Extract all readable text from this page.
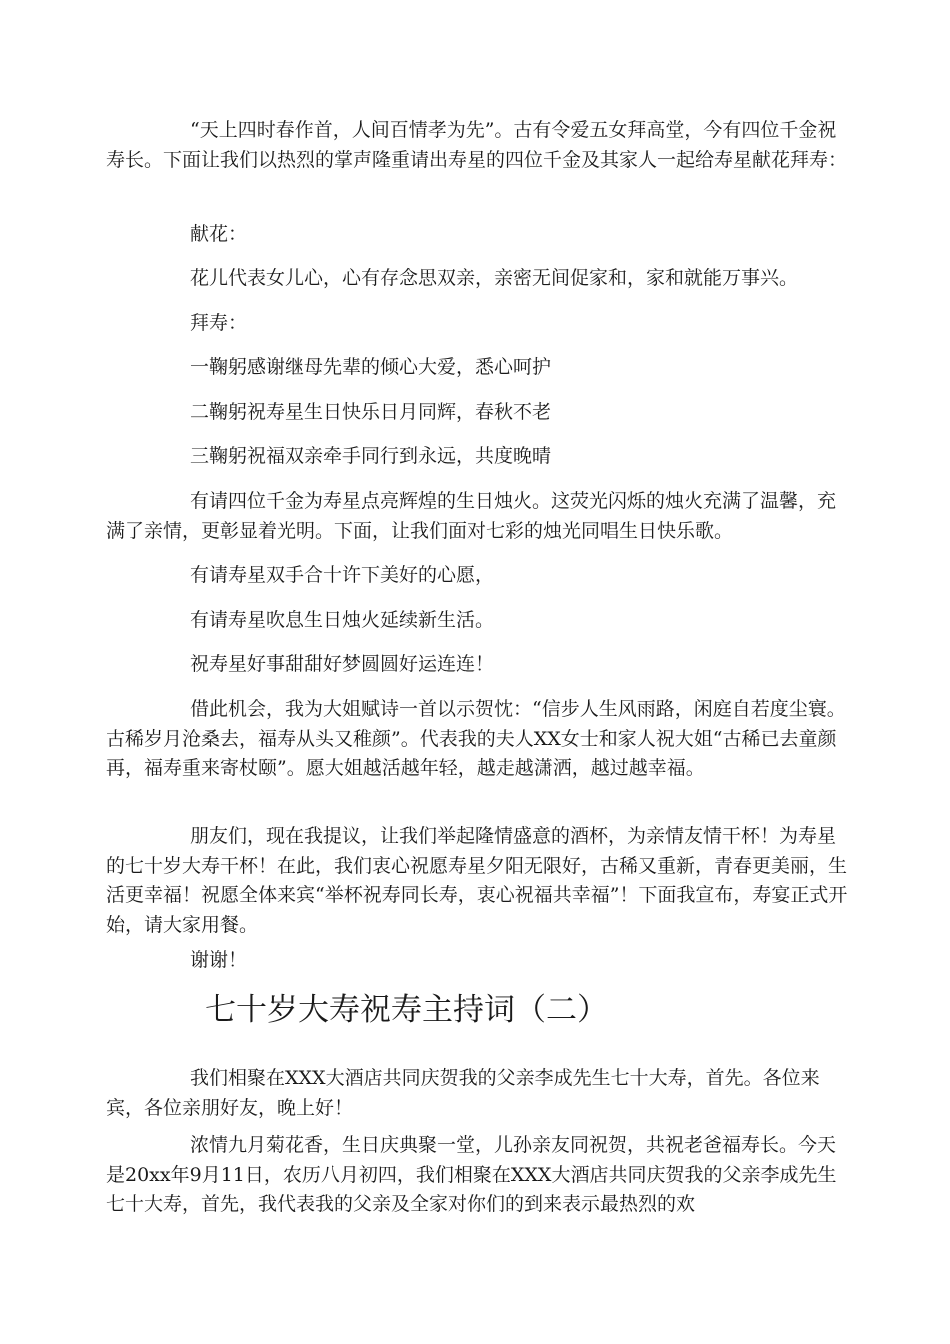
“天上四时春作首，人间百情孝为先”。古有令爱五女拜高堂，今有四位千金祝寿长。下面让我们以热烈的掌声隆重请出寿星的四位千金及其家人一起给寿星献花拜寿：

献花：

花儿代表女儿心，心有存念思双亲，亲密无间促家和，家和就能万事兴。

拜寿：

一鞠躬感谢继母先辈的倾心大爱，悉心呵护

二鞠躬祝寿星生日快乐日月同辉，春秋不老

三鞠躬祝福双亲牵手同行到永远，共度晚晴

有请四位千金为寿星点亮辉煌的生日烛火。这荧光闪烁的烛火充满了温馨，充满了亲情，更彰显着光明。下面，让我们面对七彩的烛光同唱生日快乐歌。

有请寿星双手合十许下美好的心愿，

有请寿星吹息生日烛火延续新生活。

祝寿星好事甜甜好梦圆圆好运连连！

借此机会，我为大姐赋诗一首以示贺忱：“信步人生风雨路，闲庭自若度尘寰。古稀岁月沧桑去，福寿从头又稚颜”。代表我的夫人XX女士和家人祝大姐“古稀已去童颜再，福寿重来寄杖颐”。愿大姐越活越年轻，越走越潇洒，越过越幸福。

朋友们，现在我提议，让我们举起隆情盛意的酒杯，为亲情友情干杯！为寿星的七十岁大寿干杯！在此，我们衷心祝愿寿星夕阳无限好，古稀又重新，青春更美丽，生活更幸福！祝愿全体来宾“举杯祝寿同长寿，衷心祝福共幸福”！下面我宣布，寿宴正式开始，请大家用餐。

谢谢！

七十岁大寿祝寿主持词（二）

我们相聚在XXX大酒店共同庆贺我的父亲李成先生七十大寿，首先。各位来宾，各位亲朋好友，晚上好！

浓情九月菊花香，生日庆典聚一堂，儿孙亲友同祝贺，共祝老爸福寿长。今天是20xx年9月11日，农历八月初四，我们相聚在XXX大酒店共同庆贺我的父亲李成先生七十大寿，首先，我代表我的父亲及全家对你们的到来表示最热烈的欢
